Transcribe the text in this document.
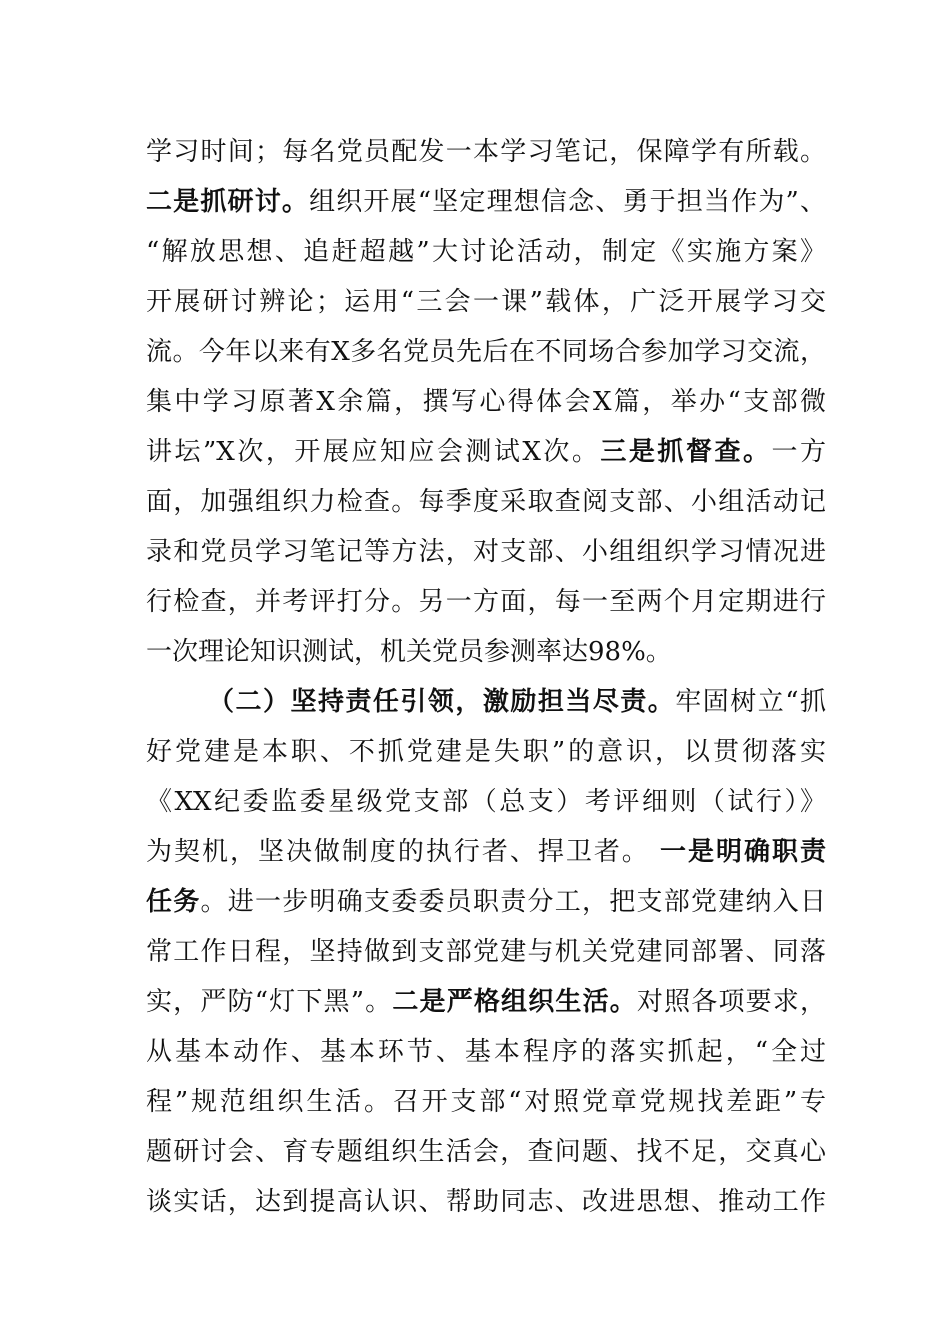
学习时间；每名党员配发一本学习笔记，保障学有所载。
二是抓研讨。组织开展“坚定理想信念、勇于担当作为”、
“解放思想、追赶超越”大讨论活动，制定《实施方案》
开展研讨辨论；运用“三会一课”载体，广泛开展学习交
流。今年以来有X多名党员先后在不同场合参加学习交流，
集中学习原著X余篇，撰写心得体会X篇，举办“支部微
讲坛”X次，开展应知应会测试X次。三是抓督查。一方
面，加强组织力检查。每季度采取查阅支部、小组活动记
录和党员学习笔记等方法，对支部、小组组织学习情况进
行检查，并考评打分。另一方面，每一至两个月定期进行
一次理论知识测试，机关党员参测率达98%。
（二）坚持责任引领，激励担当尽责。牢固树立“抓
好党建是本职、不抓党建是失职”的意识，以贯彻落实
《XX纪委监委星级党支部（总支）考评细则（试行）》
为契机，坚决做制度的执行者、捍卫者。 一是明确职责
任务。进一步明确支委委员职责分工，把支部党建纳入日
常工作日程，坚持做到支部党建与机关党建同部署、同落
实，严防“灯下黑”。二是严格组织生活。对照各项要求，
从基本动作、基本环节、基本程序的落实抓起，“全过
程”规范组织生活。召开支部“对照党章党规找差距”专
题研讨会、育专题组织生活会，查问题、找不足，交真心
谈实话，达到提高认识、帮助同志、改进思想、推动工作
